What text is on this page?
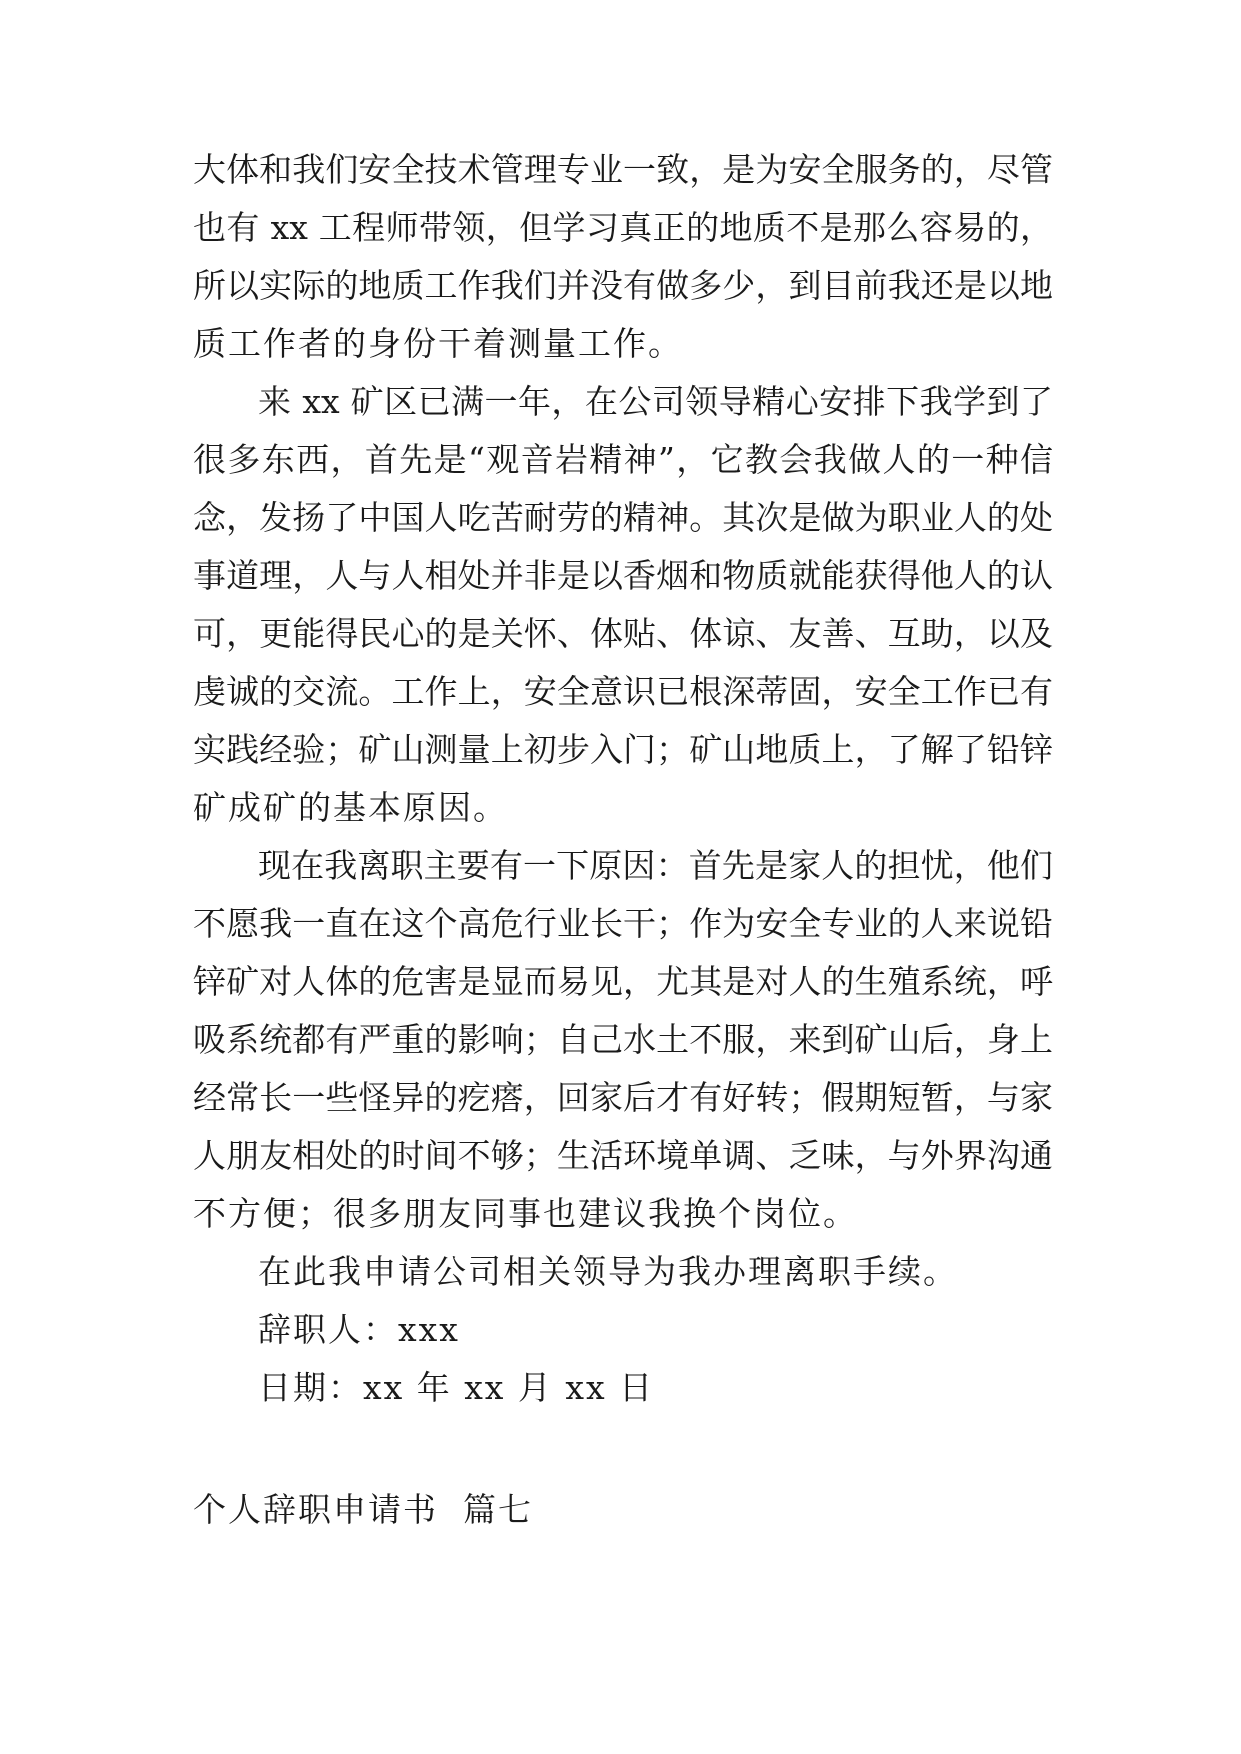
大体和我们安全技术管理专业一致，是为安全服务的，尽管
也有 xx 工程师带领，但学习真正的地质不是那么容易的，
所以实际的地质工作我们并没有做多少，到目前我还是以地
质工作者的身份干着测量工作。
来 xx 矿区已满一年，在公司领导精心安排下我学到了
很多东西，首先是“观音岩精神”，它教会我做人的一种信
念，发扬了中国人吃苦耐劳的精神。其次是做为职业人的处
事道理，人与人相处并非是以香烟和物质就能获得他人的认
可，更能得民心的是关怀、体贴、体谅、友善、互助，以及
虔诚的交流。工作上，安全意识已根深蒂固，安全工作已有
实践经验；矿山测量上初步入门；矿山地质上，了解了铅锌
矿成矿的基本原因。
现在我离职主要有一下原因：首先是家人的担忧，他们
不愿我一直在这个高危行业长干；作为安全专业的人来说铅
锌矿对人体的危害是显而易见，尤其是对人的生殖系统，呼
吸系统都有严重的影响；自己水土不服，来到矿山后，身上
经常长一些怪异的疙瘩，回家后才有好转；假期短暂，与家
人朋友相处的时间不够；生活环境单调、乏味，与外界沟通
不方便；很多朋友同事也建议我换个岗位。
在此我申请公司相关领导为我办理离职手续。
辞职人：xxx
日期：xx 年 xx 月 xx 日
个人辞职申请书  篇七
